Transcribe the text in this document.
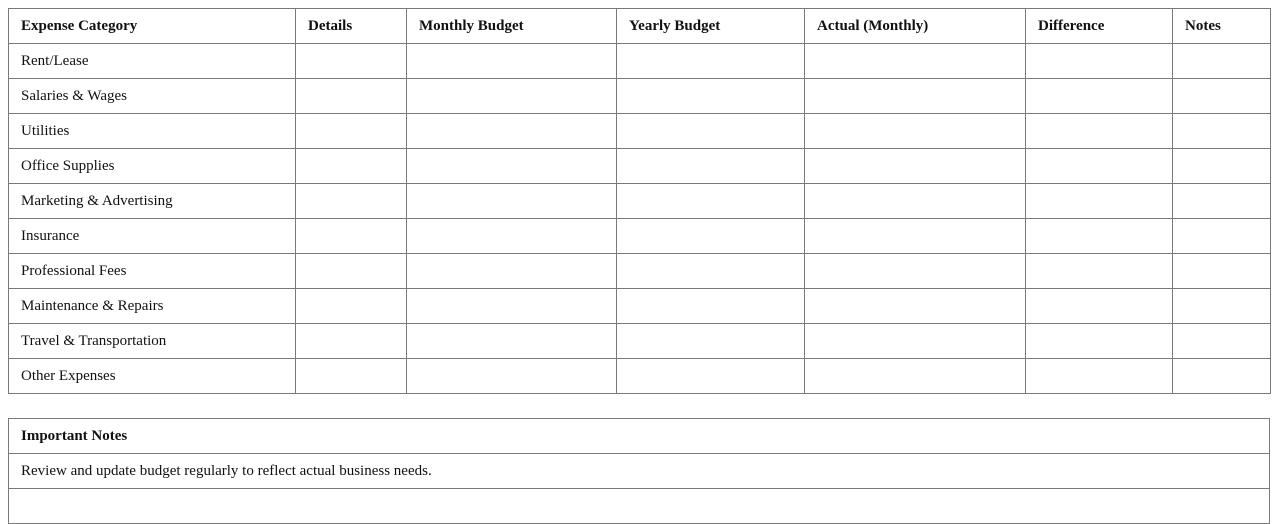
Expense Category	Details	Monthly Budget	Yearly Budget	Actual (Monthly)	Difference	Notes
Rent/Lease						
Salaries & Wages						
Utilities						
Office Supplies						
Marketing & Advertising						
Insurance						
Professional Fees						
Maintenance & Repairs						
Travel & Transportation						
Other Expenses						
Important Notes
Review and update budget regularly to reflect actual business needs.
